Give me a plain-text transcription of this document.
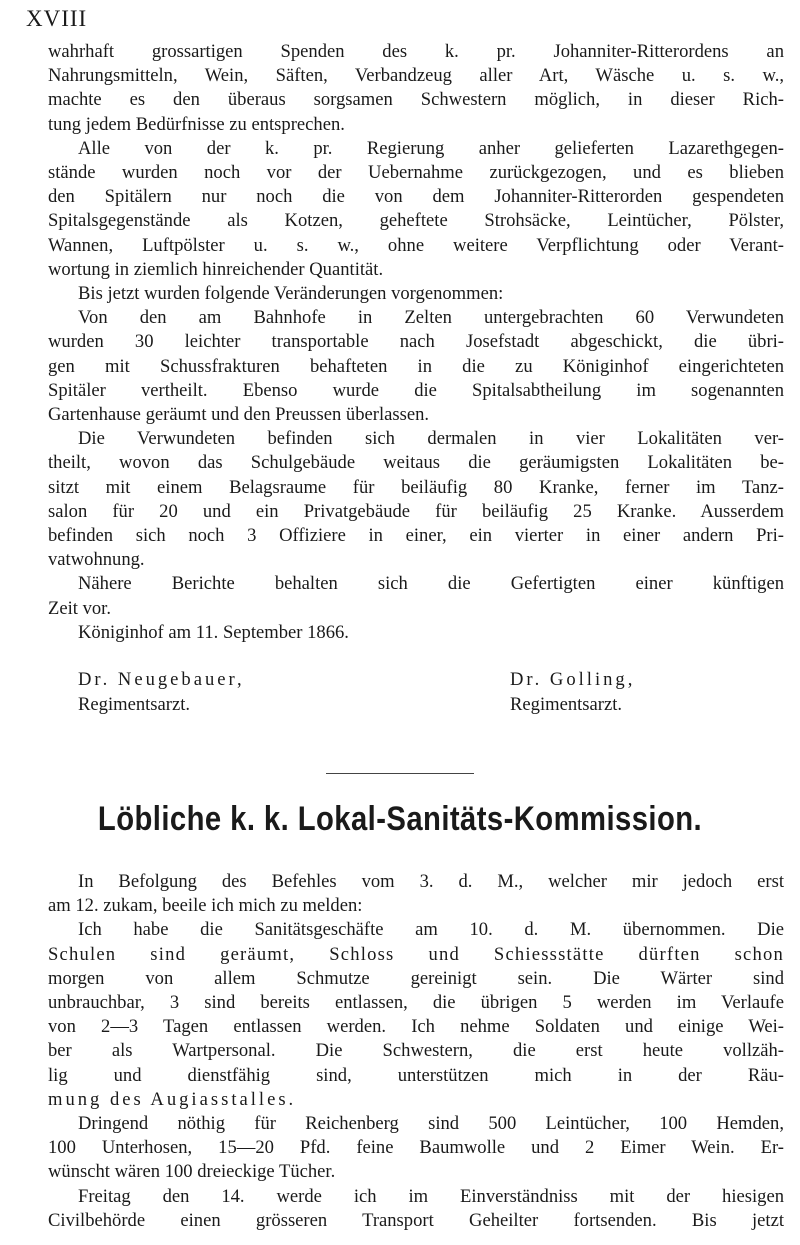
XVIII
wahrhaft grossartigen Spenden des k. pr. Johanniter-Ritterordens an
Nahrungsmitteln, Wein, Säften, Verbandzeug aller Art, Wäsche u. s. w.,
machte es den überaus sorgsamen Schwestern möglich, in dieser Rich-
tung jedem Bedürfnisse zu entsprechen.
Alle von der k. pr. Regierung anher gelieferten Lazarethgegen-
stände wurden noch vor der Uebernahme zurückgezogen, und es blieben
den Spitälern nur noch die von dem Johanniter-Ritterorden gespendeten
Spitalsgegenstände als Kotzen, geheftete Strohsäcke, Leintücher, Pölster,
Wannen, Luftpölster u. s. w., ohne weitere Verpflichtung oder Verant-
wortung in ziemlich hinreichender Quantität.
Bis jetzt wurden folgende Veränderungen vorgenommen:
Von den am Bahnhofe in Zelten untergebrachten 60 Verwundeten
wurden 30 leichter transportable nach Josefstadt abgeschickt, die übri-
gen mit Schussfrakturen behafteten in die zu Königinhof eingerichteten
Spitäler vertheilt. Ebenso wurde die Spitalsabtheilung im sogenannten
Gartenhause geräumt und den Preussen überlassen.
Die Verwundeten befinden sich dermalen in vier Lokalitäten ver-
theilt, wovon das Schulgebäude weitaus die geräumigsten Lokalitäten be-
sitzt mit einem Belagsraume für beiläufig 80 Kranke, ferner im Tanz-
salon für 20 und ein Privatgebäude für beiläufig 25 Kranke. Ausserdem
befinden sich noch 3 Offiziere in einer, ein vierter in einer andern Pri-
vatwohnung.
Nähere Berichte behalten sich die Gefertigten einer künftigen
Zeit vor.
Königinhof am 11. September 1866.
Dr. Neugebauer,	Dr. Golling,
Regimentsarzt.	Regimentsarzt.
Löbliche k. k. Lokal-Sanitäts-Kommission.
In Befolgung des Befehles vom 3. d. M., welcher mir jedoch erst
am 12. zukam, beeile ich mich zu melden:
Ich habe die Sanitätsgeschäfte am 10. d. M. übernommen. Die
Schulen sind geräumt, Schloss und Schiessstätte dürften schon
morgen von allem Schmutze gereinigt sein. Die Wärter sind
unbrauchbar, 3 sind bereits entlassen, die übrigen 5 werden im Verlaufe
von 2—3 Tagen entlassen werden. Ich nehme Soldaten und einige Wei-
ber als Wartpersonal. Die Schwestern, die erst heute vollzäh-
lig und dienstfähig sind, unterstützen mich in der Räu-
mung des Augiasstalles.
Dringend nöthig für Reichenberg sind 500 Leintücher, 100 Hemden,
100 Unterhosen, 15—20 Pfd. feine Baumwolle und 2 Eimer Wein. Er-
wünscht wären 100 dreieckige Tücher.
Freitag den 14. werde ich im Einverständniss mit der hiesigen
Civilbehörde einen grösseren Transport Geheilter fortsenden. Bis jetzt
